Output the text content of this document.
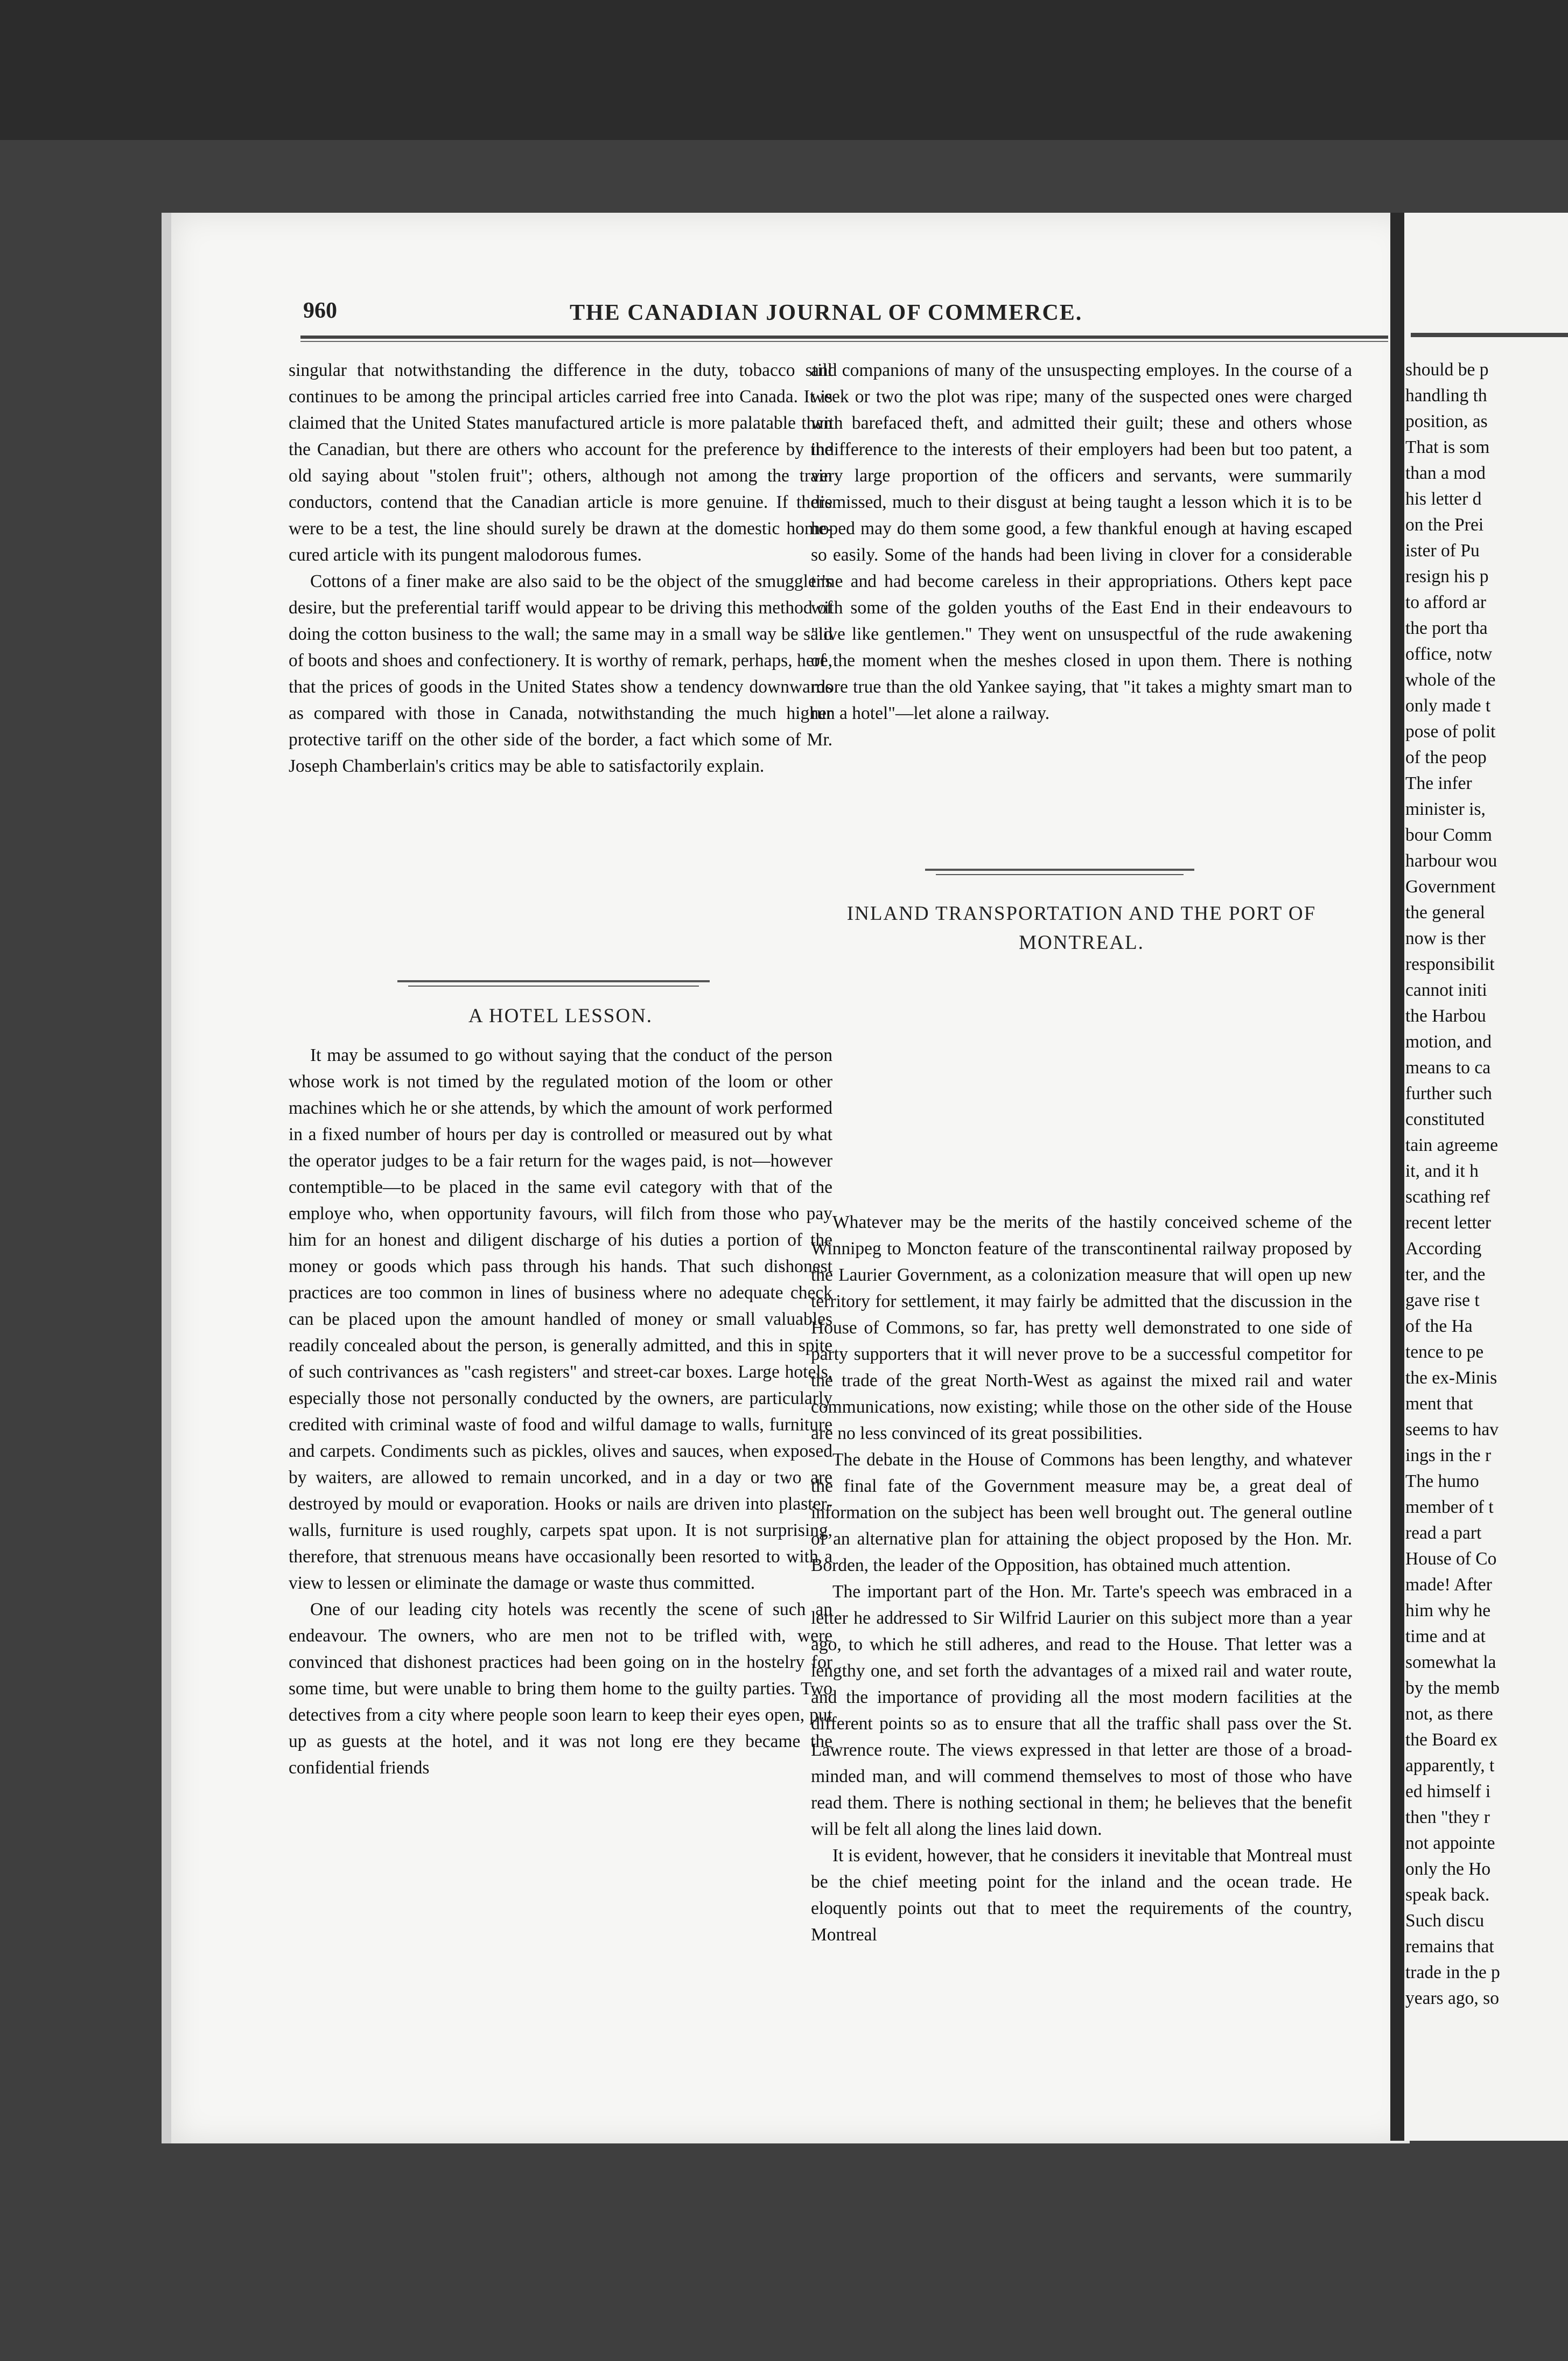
960	THE CANADIAN JOURNAL OF COMMERCE.

singular that notwithstanding the difference in the duty, tobacco still continues to be among the principal articles carried free into Canada. It is claimed that the United States manufactured article is more palatable than the Canadian, but there are others who account for the preference by the old saying about "stolen fruit"; others, although not among the train conductors, contend that the Canadian article is more genuine. If there were to be a test, the line should surely be drawn at the domestic home-cured article with its pungent malodorous fumes.

Cottons of a finer make are also said to be the object of the smuggler's desire, but the preferential tariff would appear to be driving this method of doing the cotton business to the wall; the same may in a small way be said of boots and shoes and confectionery. It is worthy of remark, perhaps, here, that the prices of goods in the United States show a tendency downwards as compared with those in Canada, notwithstanding the much higher protective tariff on the other side of the border, a fact which some of Mr. Joseph Chamberlain's critics may be able to satisfactorily explain.

A HOTEL LESSON.

It may be assumed to go without saying that the conduct of the person whose work is not timed by the regulated motion of the loom or other machines which he or she attends, by which the amount of work performed in a fixed number of hours per day is controlled or measured out by what the operator judges to be a fair return for the wages paid, is not—however contemptible—to be placed in the same evil category with that of the employe who, when opportunity favours, will filch from those who pay him for an honest and diligent discharge of his duties a portion of the money or goods which pass through his hands. That such dishonest practices are too common in lines of business where no adequate check can be placed upon the amount handled of money or small valuables readily concealed about the person, is generally admitted, and this in spite of such contrivances as "cash registers" and street-car boxes. Large hotels, especially those not personally conducted by the owners, are particularly credited with criminal waste of food and wilful damage to walls, furniture and carpets. Condiments such as pickles, olives and sauces, when exposed by waiters, are allowed to remain uncorked, and in a day or two are destroyed by mould or evaporation. Hooks or nails are driven into plaster-walls, furniture is used roughly, carpets spat upon. It is not surprising, therefore, that strenuous means have occasionally been resorted to with a view to lessen or eliminate the damage or waste thus committed.

One of our leading city hotels was recently the scene of such an endeavour. The owners, who are men not to be trifled with, were convinced that dishonest practices had been going on in the hostelry for some time, but were unable to bring them home to the guilty parties. Two detectives from a city where people soon learn to keep their eyes open, put up as guests at the hotel, and it was not long ere they became the confidential friends

and companions of many of the unsuspecting employes. In the course of a week or two the plot was ripe; many of the suspected ones were charged with barefaced theft, and admitted their guilt; these and others whose indifference to the interests of their employers had been but too patent, a very large proportion of the officers and servants, were summarily dismissed, much to their disgust at being taught a lesson which it is to be hoped may do them some good, a few thankful enough at having escaped so easily. Some of the hands had been living in clover for a considerable time and had become careless in their appropriations. Others kept pace with some of the golden youths of the East End in their endeavours to "live like gentlemen." They went on unsuspectful of the rude awakening of the moment when the meshes closed in upon them. There is nothing more true than the old Yankee saying, that "it takes a mighty smart man to run a hotel"—let alone a railway.

INLAND TRANSPORTATION AND THE PORT OF
MONTREAL.

Whatever may be the merits of the hastily conceived scheme of the Winnipeg to Moncton feature of the transcontinental railway proposed by the Laurier Government, as a colonization measure that will open up new territory for settlement, it may fairly be admitted that the discussion in the House of Commons, so far, has pretty well demonstrated to one side of party supporters that it will never prove to be a successful competitor for the trade of the great North-West as against the mixed rail and water communications, now existing; while those on the other side of the House are no less convinced of its great possibilities.

The debate in the House of Commons has been lengthy, and whatever the final fate of the Government measure may be, a great deal of information on the subject has been well brought out. The general outline of an alternative plan for attaining the object proposed by the Hon. Mr. Borden, the leader of the Opposition, has obtained much attention.

The important part of the Hon. Mr. Tarte's speech was embraced in a letter he addressed to Sir Wilfrid Laurier on this subject more than a year ago, to which he still adheres, and read to the House. That letter was a lengthy one, and set forth the advantages of a mixed rail and water route, and the importance of providing all the most modern facilities at the different points so as to ensure that all the traffic shall pass over the St. Lawrence route. The views expressed in that letter are those of a broad-minded man, and will commend themselves to most of those who have read them. There is nothing sectional in them; he believes that the benefit will be felt all along the lines laid down.

It is evident, however, that he considers it inevitable that Montreal must be the chief meeting point for the inland and the ocean trade. He eloquently points out that to meet the requirements of the country, Montreal

should be p
handling th
position, as
That is som
than a mod
his letter d
on the Prei
ister of Pu
resign his p
to afford ar
the port tha
office, notw
whole of the
only made t
pose of polit
of the peop
The infer
minister is,
bour Comm
harbour wou
Government
the general
now is ther
responsibilit
cannot initi
the Harbou
motion, and
means to ca
further such
constituted
tain agreeme
it, and it h
scathing ref
recent letter
According
ter, and the
gave rise t
of the Ha
tence to pe
the ex-Minis
ment that
seems to hav
ings in the r
The humo
member of t
read a part
House of Co
made! After
him why he
time and at
somewhat la
by the memb
not, as there
the Board ex
apparently, t
ed himself i
then "they r
not appointe
only the Ho
speak back.
Such discu
remains that
trade in the p
years ago, so
